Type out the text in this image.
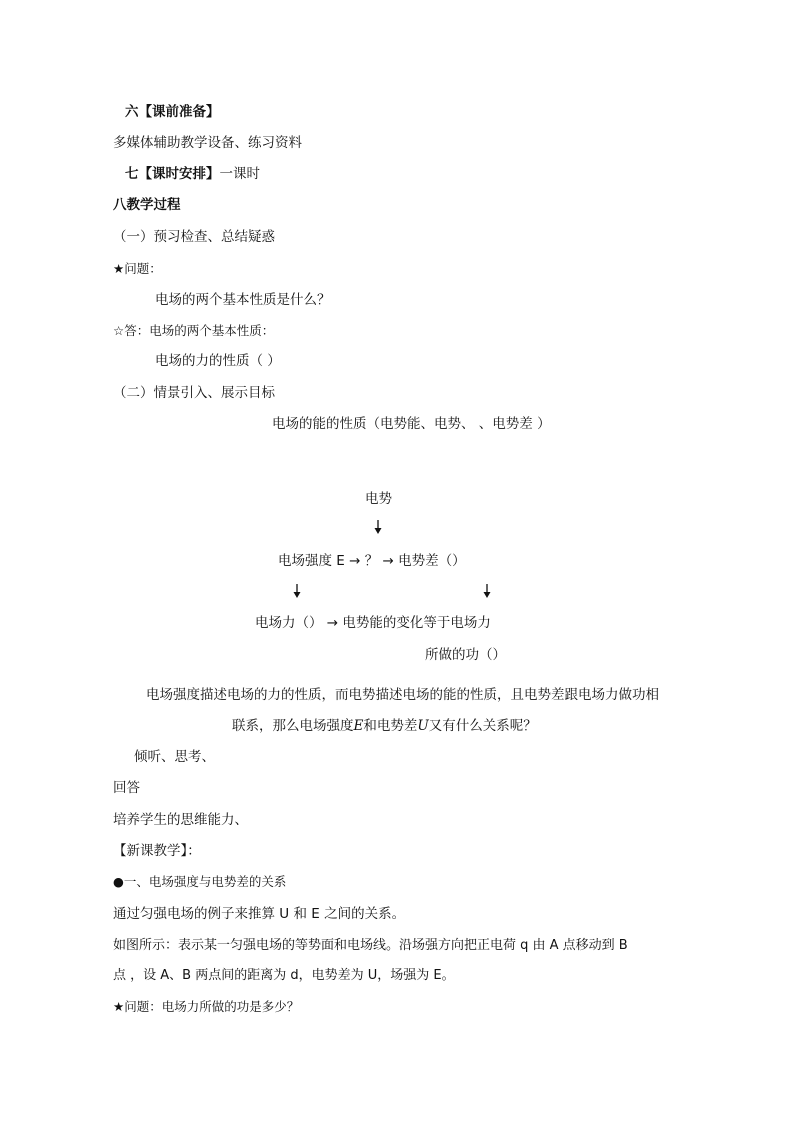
六【课前准备】
多媒体辅助教学设备、练习资料
七【课时安排】一课时
八教学过程
（一）预习检查、总结疑惑
★问题：
电场的两个基本性质是什么？
☆答：电场的两个基本性质：
电场的力的性质（ ）
（二）情景引入、展示目标
电场的能的性质（电势能、电势、 、电势差 ）
电势
电场强度 E → ？ → 电势差（）
电场力（） → 电势能的变化等于电场力
所做的功（）
电场强度描述电场的力的性质，而电势描述电场的能的性质，且电势差跟电场力做功相
联系，那么电场强度E和电势差U又有什么关系呢？
倾听、思考、
回答
培养学生的思维能力、
【新课教学】：
●一、电场强度与电势差的关系
通过匀强电场的例子来推算 U 和 E 之间的关系。
如图所示：表示某一匀强电场的等势面和电场线。沿场强方向把正电荷 q 由 A 点移动到 B
点 ，设 A、B 两点间的距离为 d，电势差为 U，场强为 E。
★问题：电场力所做的功是多少？
